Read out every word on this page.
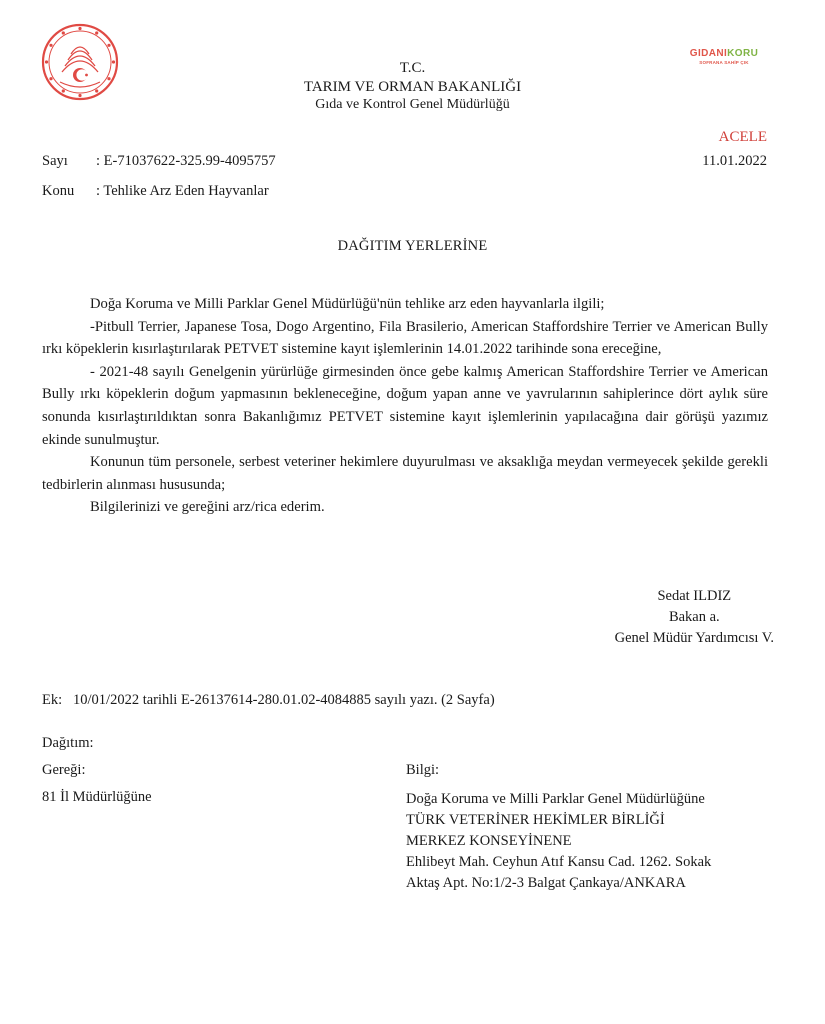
GIDANIKORU
SOFRANA SAHİP ÇIK
T.C.
TARIM VE ORMAN BAKANLIĞI
Gıda ve Kontrol Genel Müdürlüğü
ACELE
11.01.2022
Sayı : E-71037622-325.99-4095757
Konu : Tehlike Arz Eden Hayvanlar
DAĞITIM YERLERİNE

Doğa Koruma ve Milli Parklar Genel Müdürlüğü'nün tehlike arz eden hayvanlarla ilgili;

-Pitbull Terrier, Japanese Tosa, Dogo Argentino, Fila Brasilerio, American Staffordshire Terrier ve American Bully ırkı köpeklerin kısırlaştırılarak PETVET sistemine kayıt işlemlerinin 14.01.2022 tarihinde sona ereceğine,

- 2021-48 sayılı Genelgenin yürürlüğe girmesinden önce gebe kalmış American Staffordshire Terrier ve American Bully ırkı köpeklerin doğum yapmasının bekleneceğine, doğum yapan anne ve yavrularının sahiplerince dört aylık süre sonunda kısırlaştırıldıktan sonra Bakanlığımız PETVET sistemine kayıt işlemlerinin yapılacağına dair görüşü yazımız ekinde sunulmuştur.

Konunun tüm personele, serbest veteriner hekimlere duyurulması ve aksaklığa meydan vermeyecek şekilde gerekli tedbirlerin alınması hususunda;

Bilgilerinizi ve gereğini arz/rica ederim.

Sedat ILDIZ
Bakan a.
Genel Müdür Yardımcısı V.
Ek:   10/01/2022 tarihli E-26137614-280.01.02-4084885 sayılı yazı. (2 Sayfa)
Dağıtım:
Gereği:
81 İl Müdürlüğüne
Bilgi:
Doğa Koruma ve Milli Parklar Genel Müdürlüğüne
TÜRK VETERİNER HEKİMLER BİRLİĞİ
MERKEZ KONSEYİNENE
Ehlibeyt Mah. Ceyhun Atıf Kansu Cad. 1262. Sokak
Aktaş Apt. No:1/2-3 Balgat Çankaya/ANKARA
